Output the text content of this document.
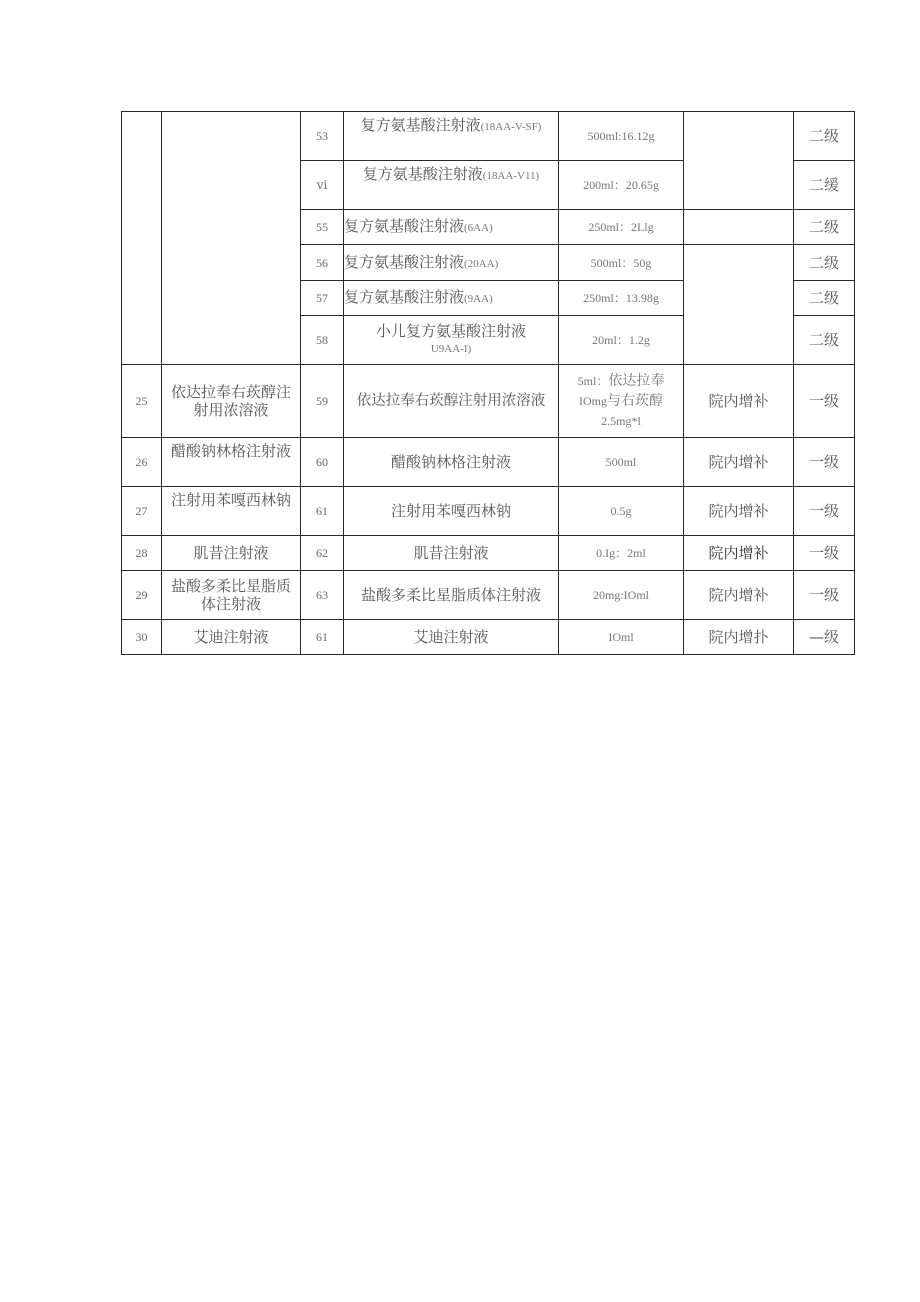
		53	复方氨基酸注射液(18AA-V-SF)	500ml:16.12g		二级
		ⅵ	复方氨基酸注射液(18AA-V11)	200ml：20.65g		二缓
		55	复方氨基酸注射液(6AA)	250ml：2Llg		二级
		56	复方氨基酸注射液(20AA)	500ml：50g		二级
		57	复方氨基酸注射液(9AA)	250ml：13.98g		二级
		58	小儿复方氨基酸注射液
U9AA-I)	20ml：1.2g		二级
25	依达拉奉右莰醇注射用浓溶液	59	依达拉奉右莰醇注射用浓溶液	5ml：依达拉奉
IOmg与右莰醇
2.5mg*l	院内增补	一级
26	醋酸钠林格注射液	60	醋酸钠林格注射液	500ml	院内增补	一级
27	注射用苯嘎西林钠	61	注射用苯嘎西林钠	0.5g	院内增补	一级
28	肌昔注射液	62	肌昔注射液	0.Ig：2ml	院内增补	一级
29	盐酸多柔比星脂质体注射液	63	盐酸多柔比星脂质体注射液	20mg:IOml	院内增补	一级
30	艾迪注射液	61	艾迪注射液	IOml	院内增扑	—级
